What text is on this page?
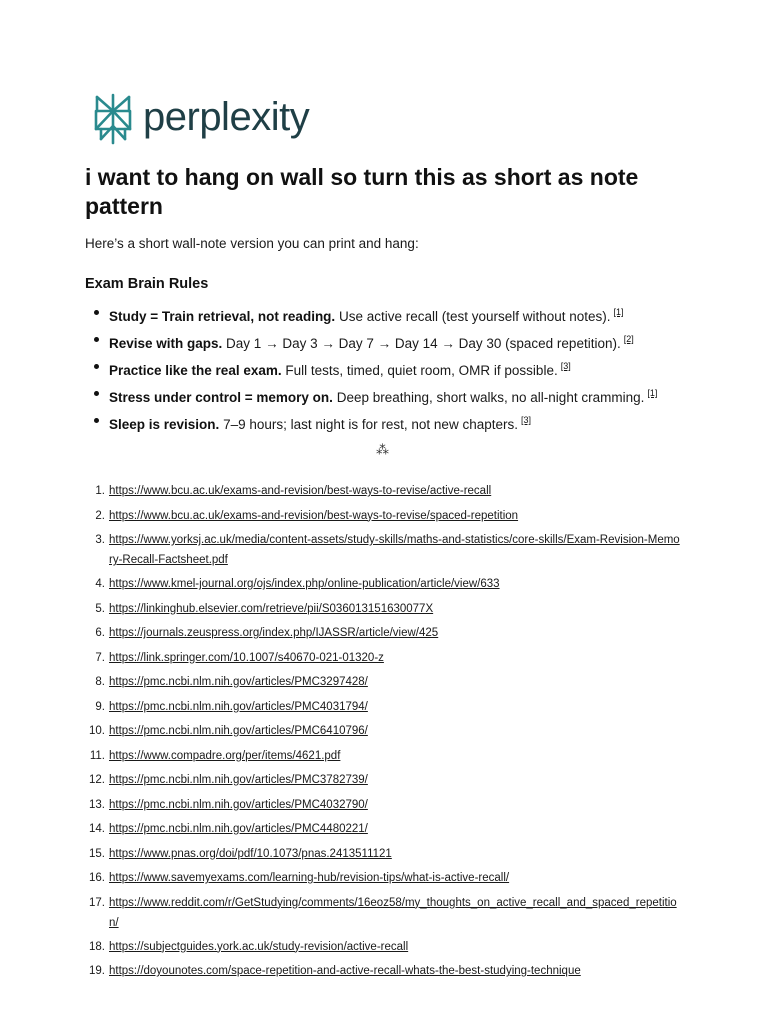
perplexity
i want to hang on wall so turn this as short as note pattern

Here’s a short wall-note version you can print and hang:

Exam Brain Rules
Study = Train retrieval, not reading. Use active recall (test yourself without notes). [1]
Revise with gaps. Day 1 → Day 3 → Day 7 → Day 14 → Day 30 (spaced repetition). [2]
Practice like the real exam. Full tests, timed, quiet room, OMR if possible. [3]
Stress under control = memory on. Deep breathing, short walks, no all-night cramming. [1]
Sleep is revision. 7–9 hours; last night is for rest, not new chapters. [3]
⁂
1. https://www.bcu.ac.uk/exams-and-revision/best-ways-to-revise/active-recall
2. https://www.bcu.ac.uk/exams-and-revision/best-ways-to-revise/spaced-repetition
3. https://www.yorksj.ac.uk/media/content-assets/study-skills/maths-and-statistics/core-skills/Exam-Revision-Memory-Recall-Factsheet.pdf
4. https://www.kmel-journal.org/ojs/index.php/online-publication/article/view/633
5. https://linkinghub.elsevier.com/retrieve/pii/S036013151630077X
6. https://journals.zeuspress.org/index.php/IJASSR/article/view/425
7. https://link.springer.com/10.1007/s40670-021-01320-z
8. https://pmc.ncbi.nlm.nih.gov/articles/PMC3297428/
9. https://pmc.ncbi.nlm.nih.gov/articles/PMC4031794/
10. https://pmc.ncbi.nlm.nih.gov/articles/PMC6410796/
11. https://www.compadre.org/per/items/4621.pdf
12. https://pmc.ncbi.nlm.nih.gov/articles/PMC3782739/
13. https://pmc.ncbi.nlm.nih.gov/articles/PMC4032790/
14. https://pmc.ncbi.nlm.nih.gov/articles/PMC4480221/
15. https://www.pnas.org/doi/pdf/10.1073/pnas.2413511121
16. https://www.savemyexams.com/learning-hub/revision-tips/what-is-active-recall/
17. https://www.reddit.com/r/GetStudying/comments/16eoz58/my_thoughts_on_active_recall_and_spaced_repetition/
18. https://subjectguides.york.ac.uk/study-revision/active-recall
19. https://doyounotes.com/space-repetition-and-active-recall-whats-the-best-studying-technique
